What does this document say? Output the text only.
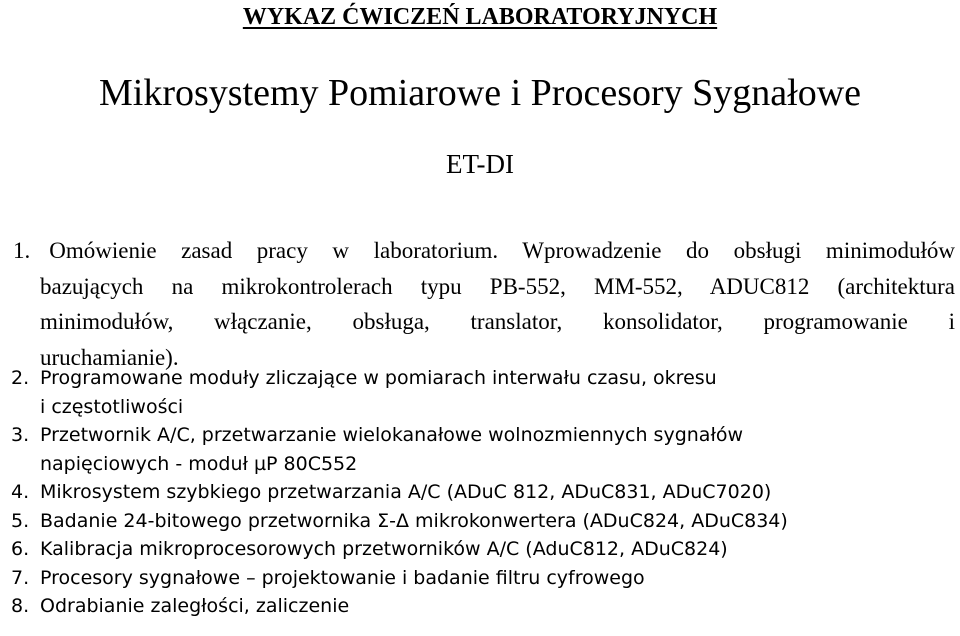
WYKAZ ĆWICZEŃ LABORATORYJNYCH
Mikrosystemy Pomiarowe i Procesory Sygnałowe
ET-DI
1. Omówienie zasad pracy w laboratorium. Wprowadzenie do obsługi minimodułów
bazujących na mikrokontrolerach typu PB-552, MM-552, ADUC812 (architektura
minimodułów, włączanie, obsługa, translator, konsolidator, programowanie i
uruchamianie).
2. Programowane moduły zliczające w pomiarach interwału czasu, okresu
i częstotliwości
3. Przetwornik A/C, przetwarzanie wielokanałowe wolnozmiennych sygnałów
napięciowych - moduł µP 80C552
4. Mikrosystem szybkiego przetwarzania A/C (ADuC 812, ADuC831, ADuC7020)
5. Badanie 24-bitowego przetwornika Σ-Δ mikrokonwertera (ADuC824, ADuC834)
6. Kalibracja mikroprocesorowych przetworników A/C (AduC812, ADuC824)
7. Procesory sygnałowe – projektowanie i badanie filtru cyfrowego
8. Odrabianie zaległości, zaliczenie
